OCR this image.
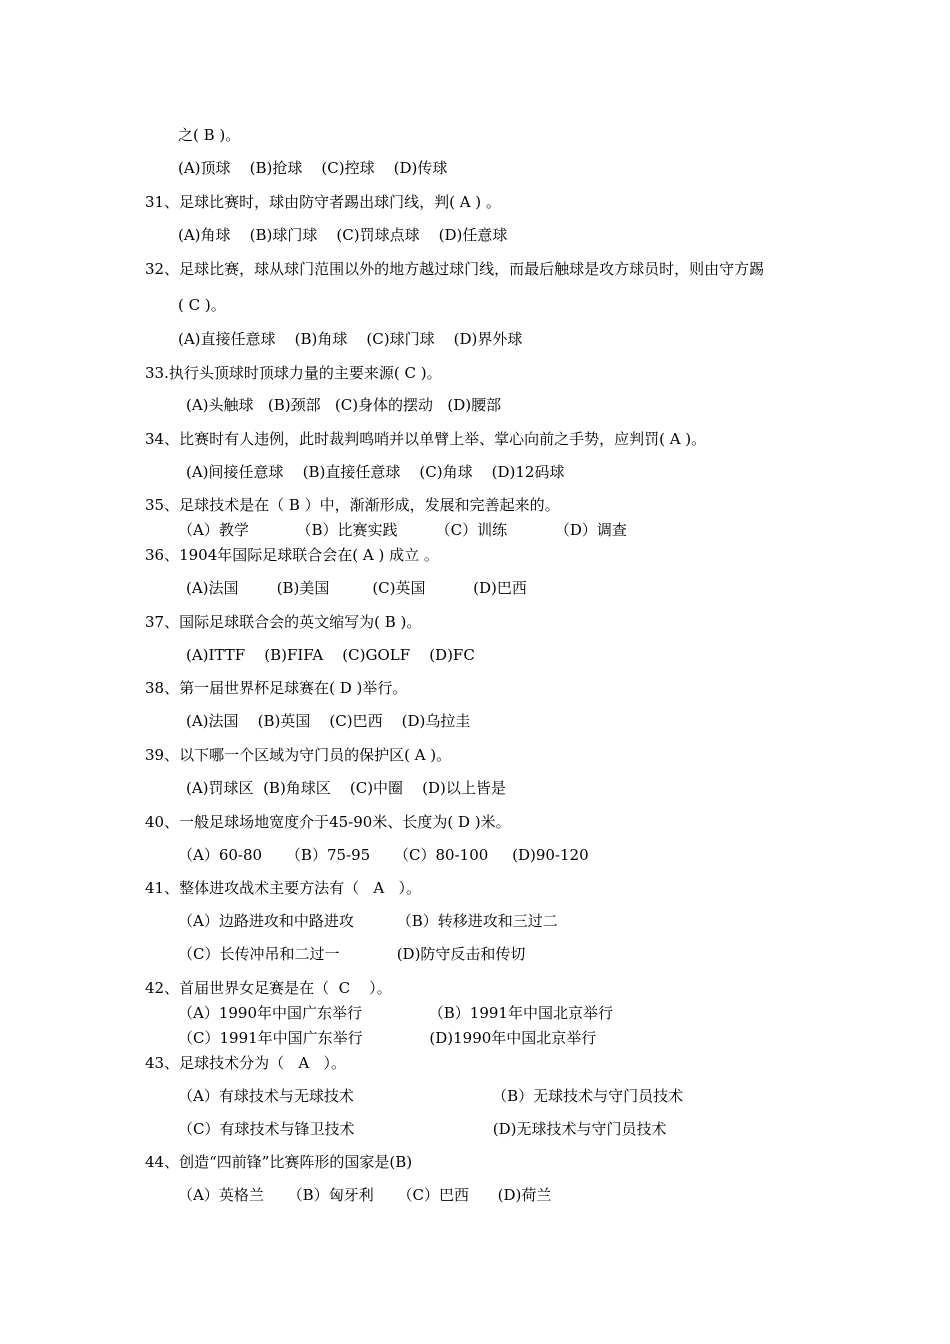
之( B )。
(A)顶球    (B)抢球    (C)控球    (D)传球
31、足球比赛时，球由防守者踢出球门线，判( A ) 。
(A)角球    (B)球门球    (C)罚球点球    (D)任意球
32、足球比赛，球从球门范围以外的地方越过球门线，而最后触球是攻方球员时，则由守方踢
( C )。
(A)直接任意球    (B)角球    (C)球门球    (D)界外球
33.执行头顶球时顶球力量的主要来源( C )。
(A)头触球   (B)颈部   (C)身体的摆动   (D)腰部
34、比赛时有人违例，此时裁判鸣哨并以单臂上举、掌心向前之手势，应判罚( A )。
(A)间接任意球    (B)直接任意球    (C)角球    (D)12码球
35、足球技术是在（ B ）中，渐渐形成，发展和完善起来的。
（A）教学          （B）比赛实践        （C）训练          （D）调查
36、1904年国际足球联合会在( A ) 成立 。
(A)法国        (B)美国         (C)英国          (D)巴西
37、国际足球联合会的英文缩写为( B )。
(A)ITTF    (B)FIFA    (C)GOLF    (D)FC
38、第一届世界杯足球赛在( D )举行。
(A)法国    (B)英国    (C)巴西    (D)乌拉圭
39、以下哪一个区域为守门员的保护区( A )。
(A)罚球区  (B)角球区    (C)中圈    (D)以上皆是
40、一般足球场地宽度介于45-90米、长度为( D )米。
（A）60-80     （B）75-95     （C）80-100     (D)90-120
41、整体进攻战术主要方法有（   A   ）。
（A）边路进攻和中路进攻         （B）转移进攻和三过二
（C）长传冲吊和二过一            (D)防守反击和传切
42、首届世界女足赛是在（  C    ）。
（A）1990年中国广东举行              （B）1991年中国北京举行
（C）1991年中国广东举行              (D)1990年中国北京举行
43、足球技术分为（   A   ）。
（A）有球技术与无球技术                             （B）无球技术与守门员技术
（C）有球技术与锋卫技术                             (D)无球技术与守门员技术
44、创造“四前锋”比赛阵形的国家是(B)
（A）英格兰     （B）匈牙利     （C）巴西      (D)荷兰
